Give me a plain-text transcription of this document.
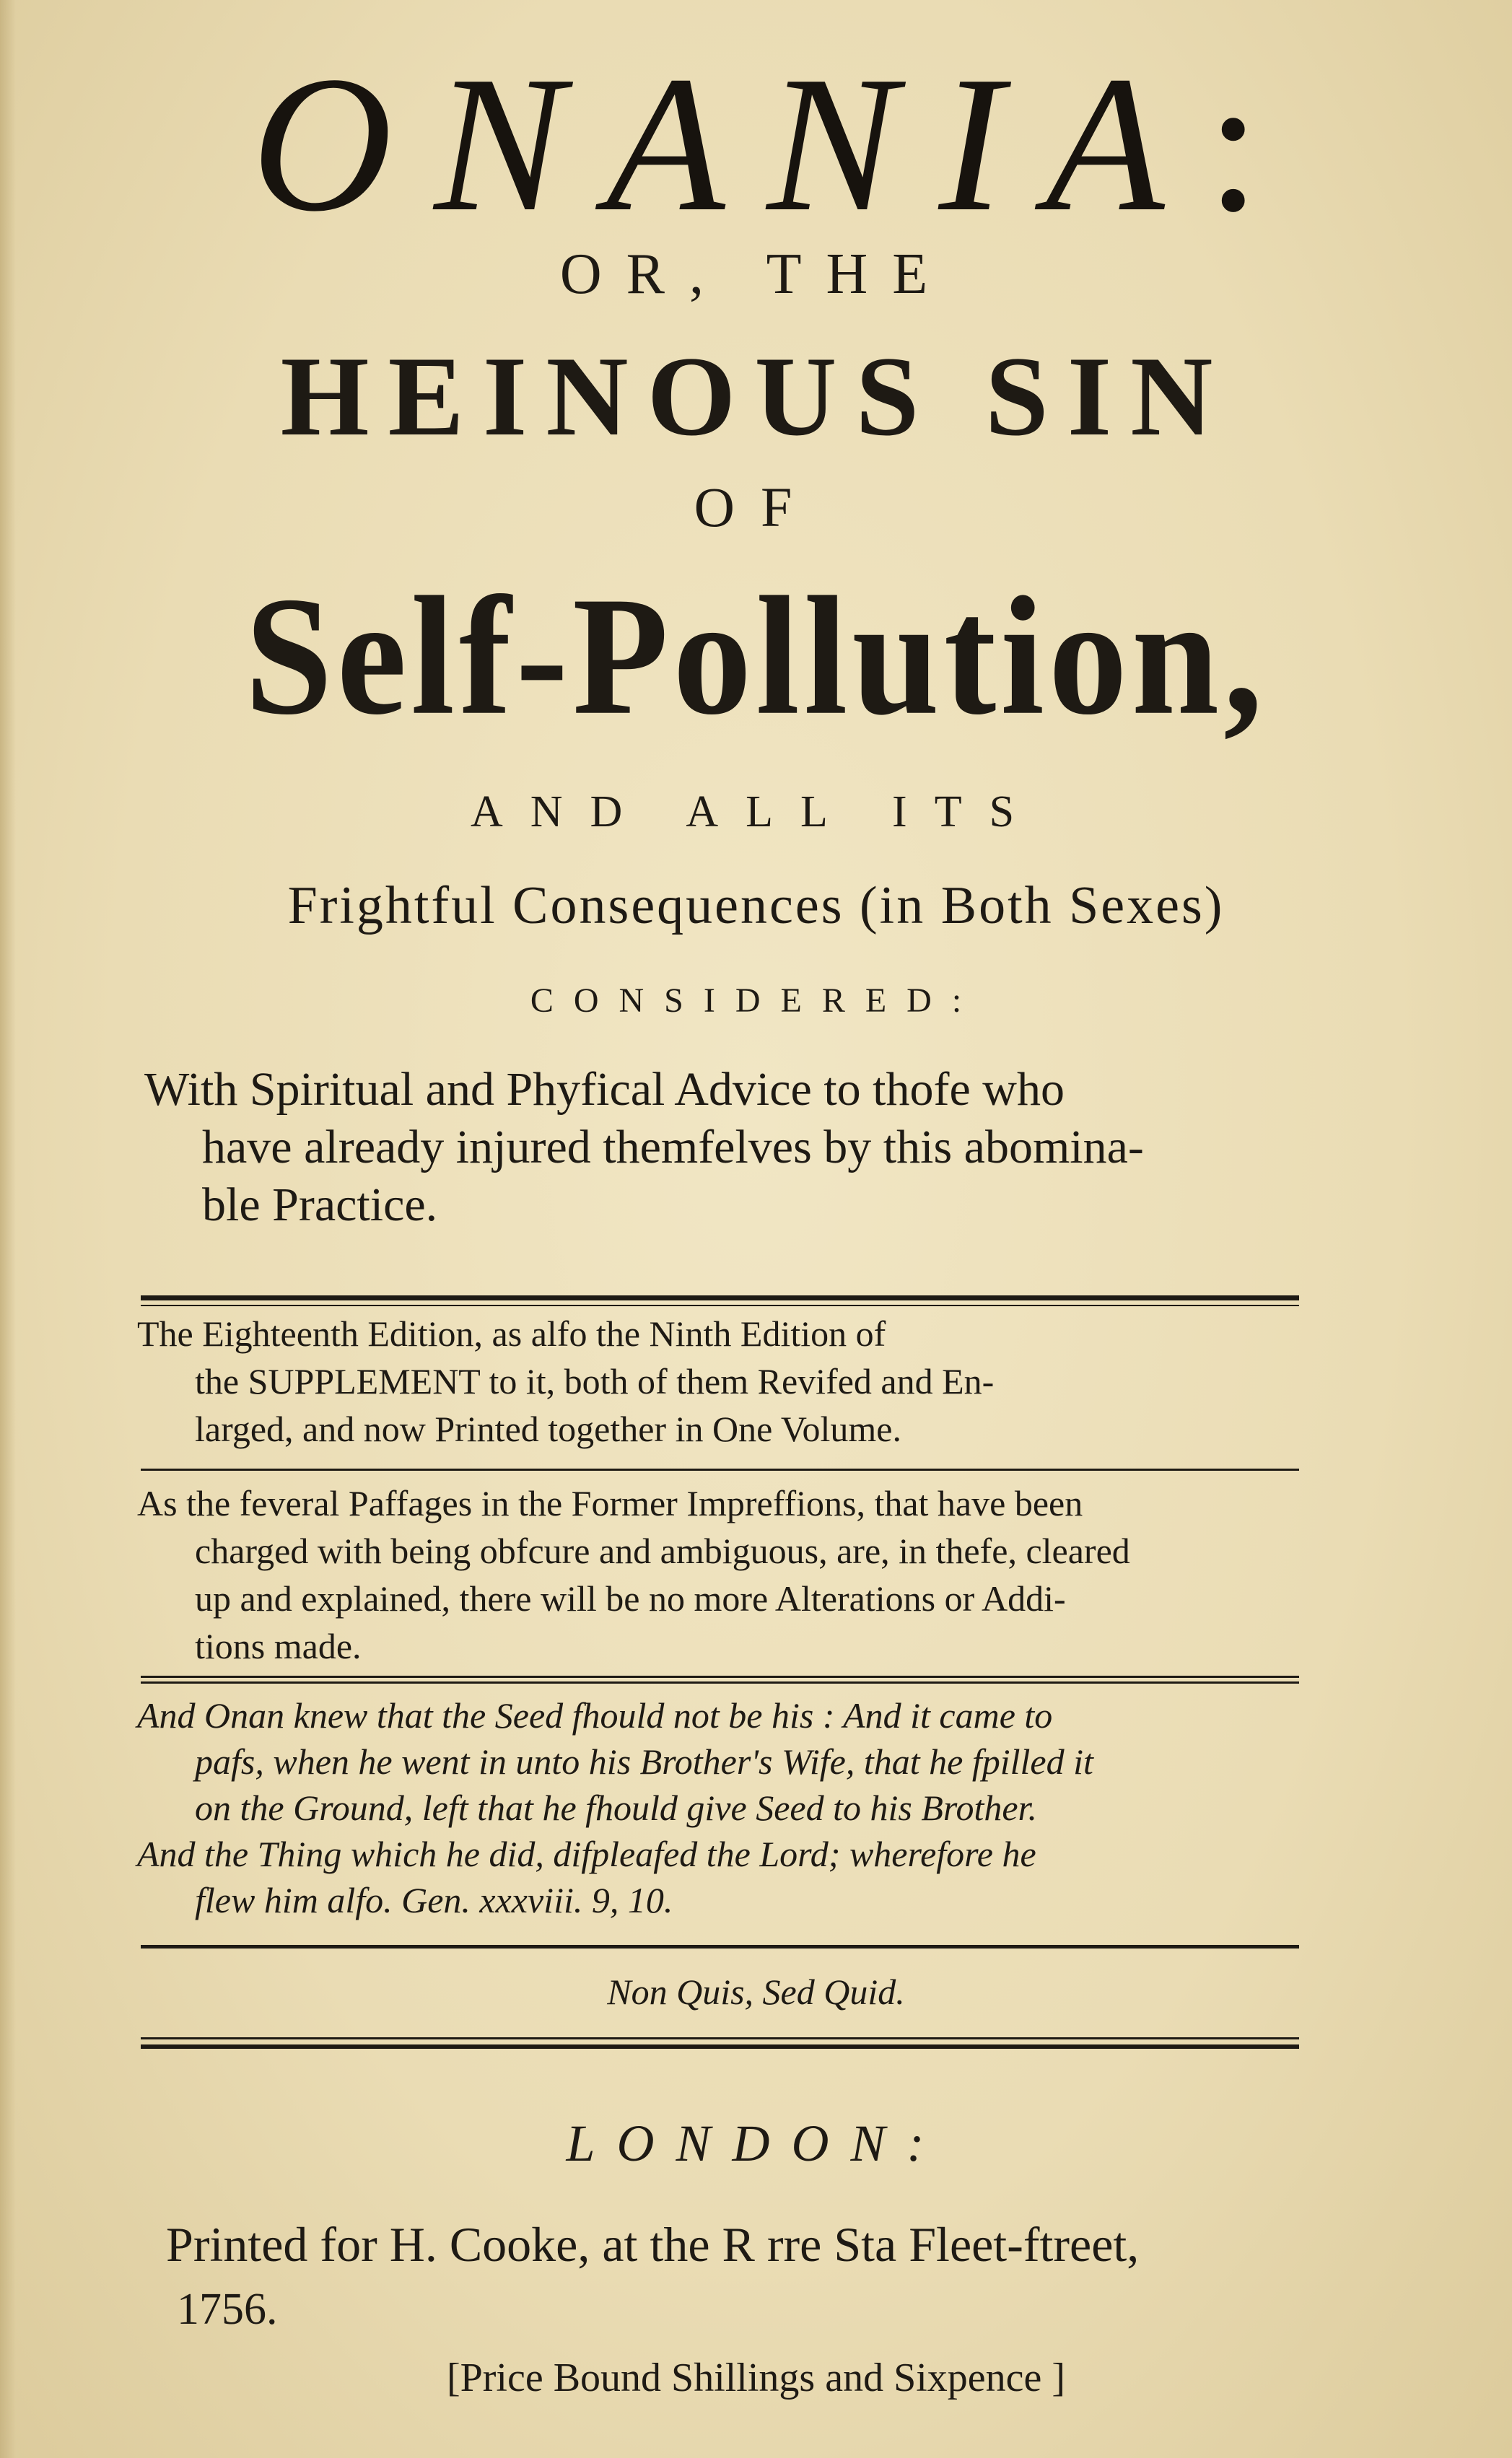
ONANIA:
OR, THE
HEINOUS SIN
OF
Self-Pollution,
AND ALL ITS
Frightful Consequences (in Both Sexes)
CONSIDERED:
With Spiritual and Phyfical Advice to thofe who

have already injured themfelves by this abomina-
ble Practice.
The Eighteenth Edition, as alfo the Ninth Edition of
the SUPPLEMENT to it, both of them Revifed and En-
larged, and now Printed together in One Volume.
As the feveral Paffages in the Former Impreffions, that have been
charged with being obfcure and ambiguous, are, in thefe, cleared
up and explained, there will be no more Alterations or Addi-
tions made.
And Onan knew that the Seed fhould not be his : And it came to
pafs, when he went in unto his Brother's Wife, that he fpilled it
on the Ground, left that he fhould give Seed to his Brother.
And the Thing which he did, difpleafed the Lord; wherefore he

flew him alfo. Gen. xxxviii. 9, 10.
Non Quis, Sed Quid.
LONDON:
Printed for H. Cooke, at the R rre Sta Fleet-ftreet,
1756.
[Price Bound Shillings and Sixpence ]
